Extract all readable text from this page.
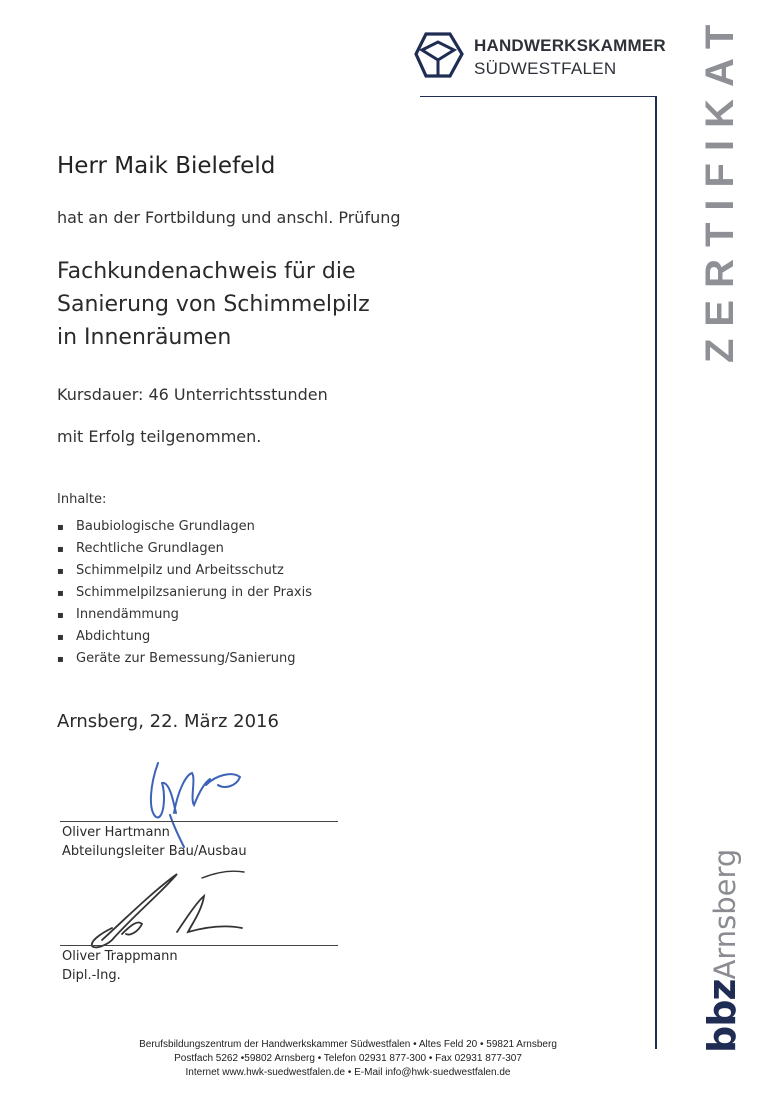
HANDWERKSKAMMER
SÜDWESTFALEN ZERTIFIKAT
Herr Maik Bielefeld
hat an der Fortbildung und anschl. Prüfung
Fachkundenachweis für die
Sanierung von Schimmelpilz
in Innenräumen
Kursdauer: 46 Unterrichtsstunden
mit Erfolg teilgenommen.
Inhalte:
▪ Baubiologische Grundlagen
▪ Rechtliche Grundlagen
▪ Schimmelpilz und Arbeitsschutz
▪ Schimmelpilzsanierung in der Praxis
▪ Innendämmung
▪ Abdichtung
▪ Geräte zur Bemessung/Sanierung
Arnsberg, 22. März 2016
Oliver Hartmann
Abteilungsleiter Bau/Ausbau
Oliver Trappmann
Dipl.-Ing.
bbzArnsberg
Berufsbildungszentrum der Handwerkskammer Südwestfalen • Altes Feld 20 • 59821 Arnsberg
Postfach 5262 •59802 Arnsberg • Telefon 02931 877-300 • Fax 02931 877-307
Internet www.hwk-suedwestfalen.de • E-Mail info@hwk-suedwestfalen.de
